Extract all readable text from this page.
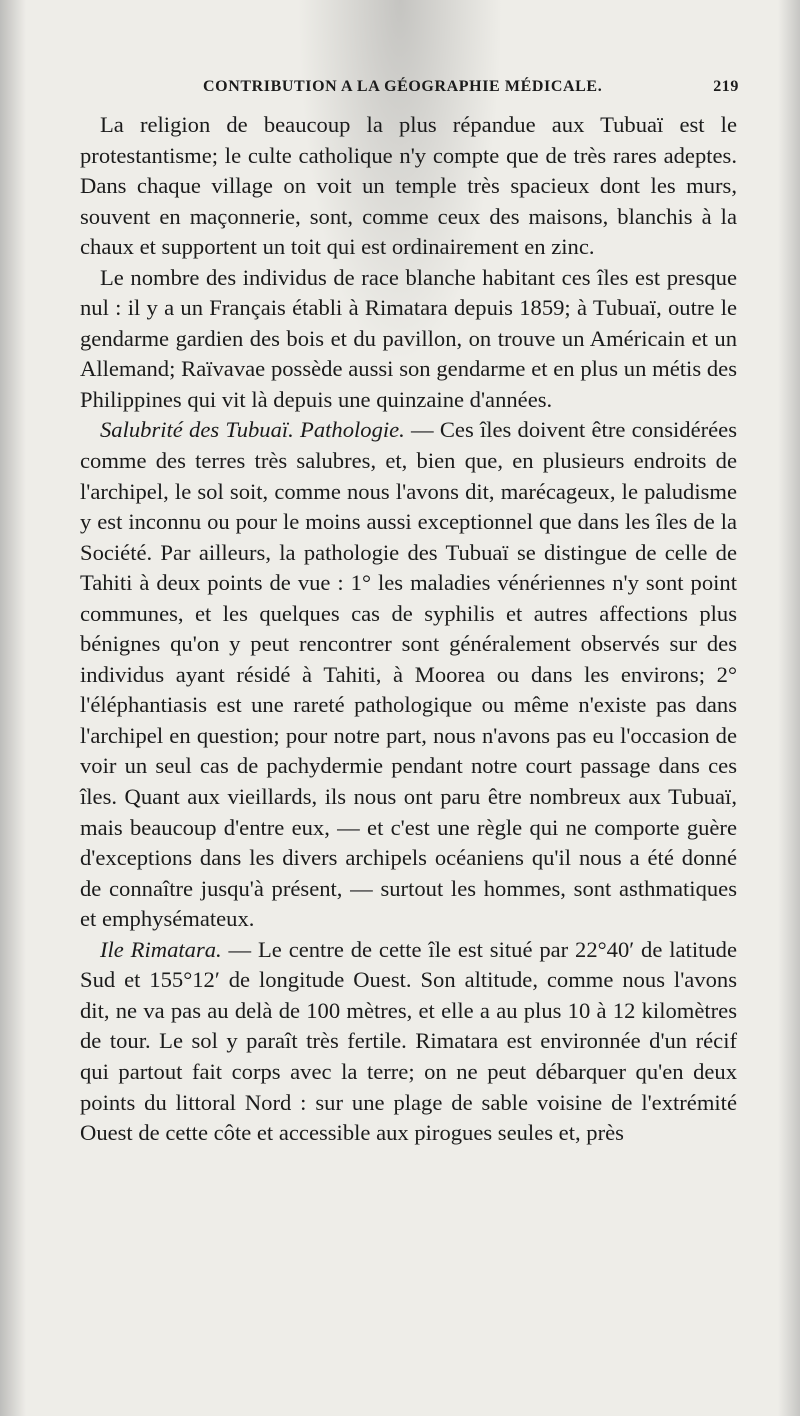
CONTRIBUTION A LA GÉOGRAPHIE MÉDICALE.	219

La religion de beaucoup la plus répandue aux Tubuaï est le protestantisme; le culte catholique n'y compte que de très rares adeptes. Dans chaque village on voit un temple très spacieux dont les murs, souvent en maçonnerie, sont, comme ceux des maisons, blanchis à la chaux et supportent un toit qui est ordinairement en zinc.

Le nombre des individus de race blanche habitant ces îles est presque nul : il y a un Français établi à Rimatara depuis 1859; à Tubuaï, outre le gendarme gardien des bois et du pavillon, on trouve un Américain et un Allemand; Raïvavae possède aussi son gendarme et en plus un métis des Philippines qui vit là depuis une quinzaine d'années.

Salubrité des Tubuaï. Pathologie. — Ces îles doivent être considérées comme des terres très salubres, et, bien que, en plusieurs endroits de l'archipel, le sol soit, comme nous l'avons dit, marécageux, le paludisme y est inconnu ou pour le moins aussi exceptionnel que dans les îles de la Société. Par ailleurs, la pathologie des Tubuaï se distingue de celle de Tahiti à deux points de vue : 1° les maladies vénériennes n'y sont point communes, et les quelques cas de syphilis et autres affections plus bénignes qu'on y peut rencontrer sont généralement observés sur des individus ayant résidé à Tahiti, à Moorea ou dans les environs; 2° l'éléphantiasis est une rareté pathologique ou même n'existe pas dans l'archipel en question; pour notre part, nous n'avons pas eu l'occasion de voir un seul cas de pachydermie pendant notre court passage dans ces îles. Quant aux vieillards, ils nous ont paru être nombreux aux Tubuaï, mais beaucoup d'entre eux, — et c'est une règle qui ne comporte guère d'exceptions dans les divers archipels océaniens qu'il nous a été donné de connaître jusqu'à présent, — surtout les hommes, sont asthmatiques et emphysémateux.

Ile Rimatara. — Le centre de cette île est situé par 22°40′ de latitude Sud et 155°12′ de longitude Ouest. Son altitude, comme nous l'avons dit, ne va pas au delà de 100 mètres, et elle a au plus 10 à 12 kilomètres de tour. Le sol y paraît très fertile. Rimatara est environnée d'un récif qui partout fait corps avec la terre; on ne peut débarquer qu'en deux points du littoral Nord : sur une plage de sable voisine de l'extrémité Ouest de cette côte et accessible aux pirogues seules et, près
